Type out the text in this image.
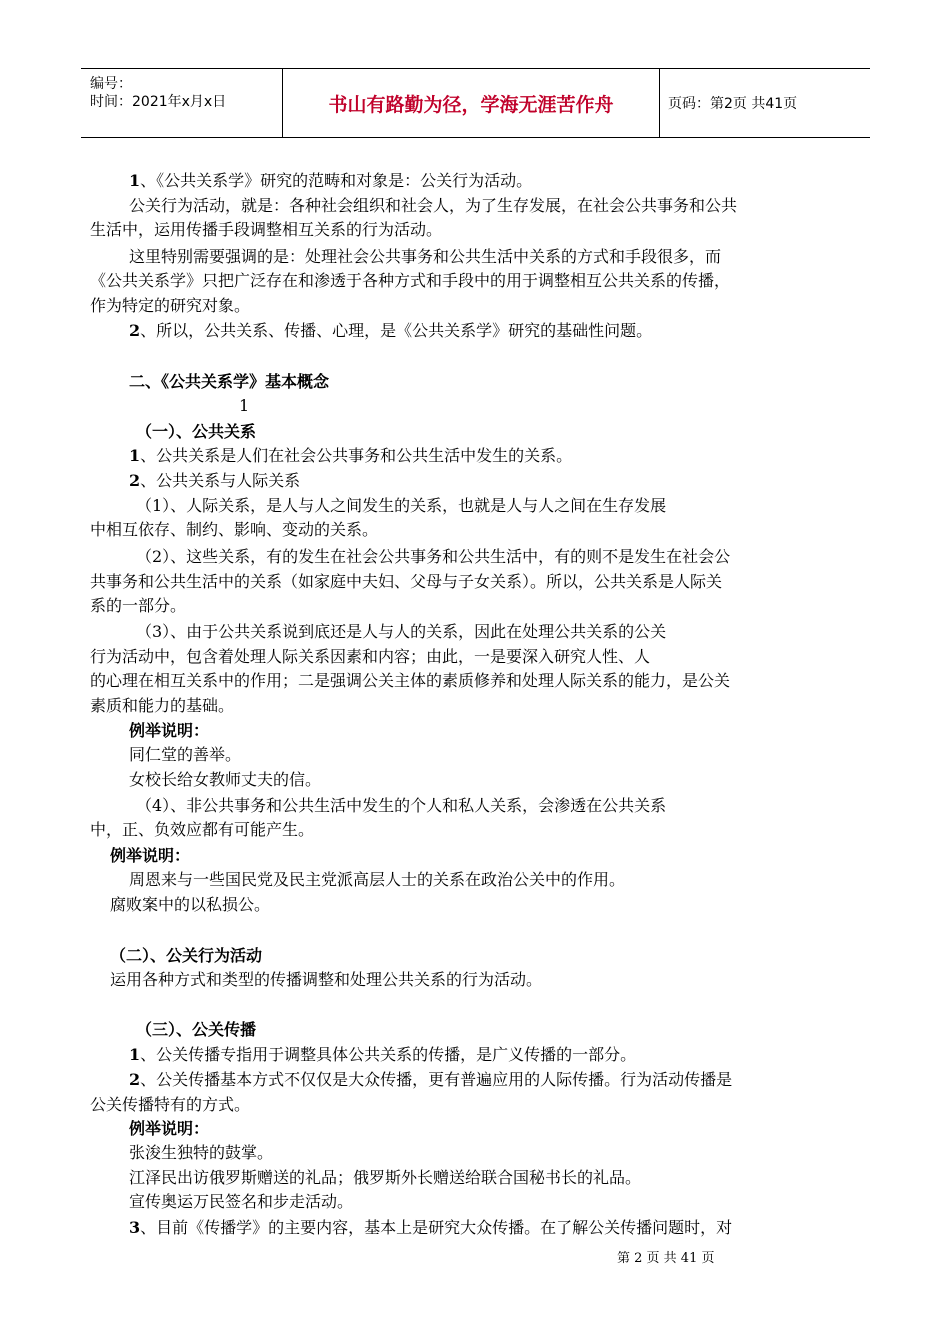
编号：
时间：2021年x月x日	书山有路勤为径，学海无涯苦作舟	页码：第2页 共41页
1、《公共关系学》研究的范畴和对象是：公关行为活动。
公关行为活动，就是：各种社会组织和社会人，为了生存发展，在社会公共事务和公共
生活中，运用传播手段调整相互关系的行为活动。
这里特别需要强调的是：处理社会公共事务和公共生活中关系的方式和手段很多，而
《公共关系学》只把广泛存在和渗透于各种方式和手段中的用于调整相互公共关系的传播，
作为特定的研究对象。
2、所以，公共关系、传播、心理，是《公共关系学》研究的基础性问题。
二、《公共关系学》基本概念
1
（一）、公共关系
1、公共关系是人们在社会公共事务和公共生活中发生的关系。
2、公共关系与人际关系
（1）、人际关系，是人与人之间发生的关系，也就是人与人之间在生存发展
中相互依存、制约、影响、变动的关系。
（2）、这些关系，有的发生在社会公共事务和公共生活中，有的则不是发生在社会公
共事务和公共生活中的关系（如家庭中夫妇、父母与子女关系）。所以，公共关系是人际关
系的一部分。
（3）、由于公共关系说到底还是人与人的关系，因此在处理公共关系的公关
行为活动中，包含着处理人际关系因素和内容；由此，一是要深入研究人性、人
的心理在相互关系中的作用；二是强调公关主体的素质修养和处理人际关系的能力，是公关
素质和能力的基础。
例举说明：
同仁堂的善举。
女校长给女教师丈夫的信。
（4）、非公共事务和公共生活中发生的个人和私人关系，会渗透在公共关系
中，正、负效应都有可能产生。
例举说明：
周恩来与一些国民党及民主党派高层人士的关系在政治公关中的作用。
腐败案中的以私损公。
（二）、公关行为活动
运用各种方式和类型的传播调整和处理公共关系的行为活动。
（三）、公关传播
1、公关传播专指用于调整具体公共关系的传播，是广义传播的一部分。
2、公关传播基本方式不仅仅是大众传播，更有普遍应用的人际传播。行为活动传播是
公关传播特有的方式。
例举说明：
张浚生独特的鼓掌。
江泽民出访俄罗斯赠送的礼品；俄罗斯外长赠送给联合国秘书长的礼品。
宣传奥运万民签名和步走活动。
3、目前《传播学》的主要内容，基本上是研究大众传播。在了解公关传播问题时，对
第 2 页 共 41 页
